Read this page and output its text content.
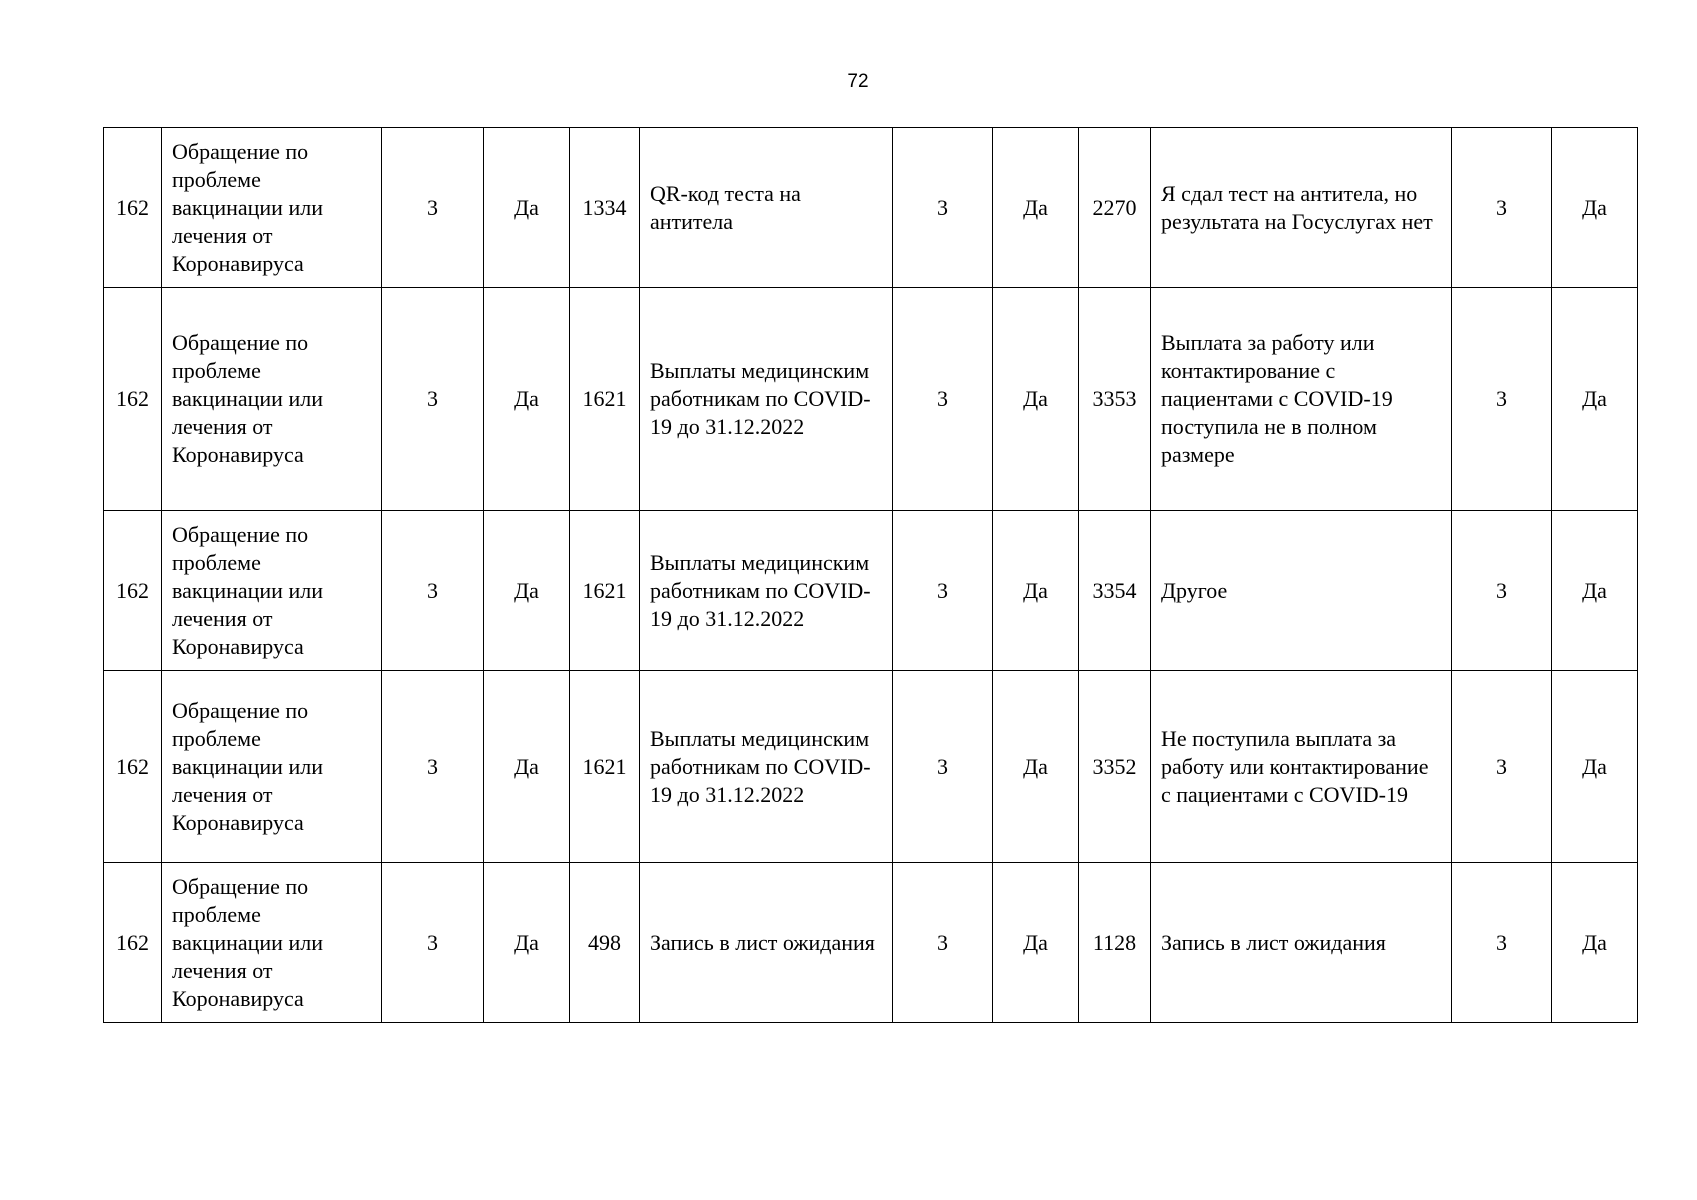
72
162	Обращение по проблеме вакцинации или лечения от Коронавируса	3	Да	1334	QR-код теста на антитела	3	Да	2270	Я сдал тест на антитела, но результата на Госуслугах нет	3	Да
162	Обращение по проблеме вакцинации или лечения от Коронавируса	3	Да	1621	Выплаты медицинским работникам по COVID-19 до 31.12.2022	3	Да	3353	Выплата за работу или контактирование с пациентами с COVID-19 поступила не в полном размере	3	Да
162	Обращение по проблеме вакцинации или лечения от Коронавируса	3	Да	1621	Выплаты медицинским работникам по COVID-19 до 31.12.2022	3	Да	3354	Другое	3	Да
162	Обращение по проблеме вакцинации или лечения от Коронавируса	3	Да	1621	Выплаты медицинским работникам по COVID-19 до 31.12.2022	3	Да	3352	Не поступила выплата за работу или контактирование с пациентами с COVID-19	3	Да
162	Обращение по проблеме вакцинации или лечения от Коронавируса	3	Да	498	Запись в лист ожидания	3	Да	1128	Запись в лист ожидания	3	Да
